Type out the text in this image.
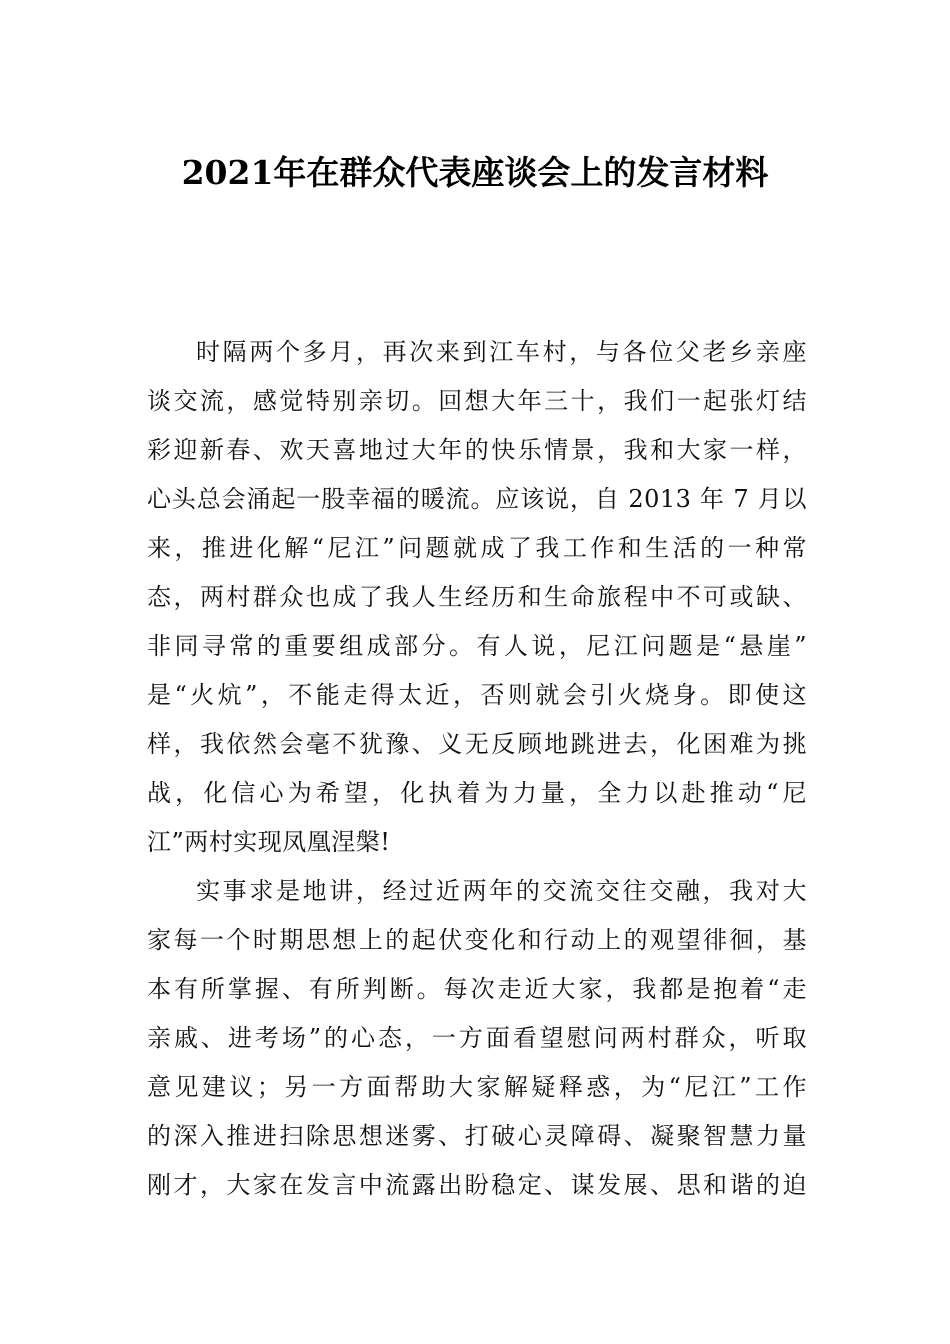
2021年在群众代表座谈会上的发言材料
时隔两个多月，再次来到江车村，与各位父老乡亲座
谈交流，感觉特别亲切。回想大年三十，我们一起张灯结
彩迎新春、欢天喜地过大年的快乐情景，我和大家一样，
心头总会涌起一股幸福的暖流。应该说，自 2013 年 7 月以
来，推进化解“尼江”问题就成了我工作和生活的一种常
态，两村群众也成了我人生经历和生命旅程中不可或缺、
非同寻常的重要组成部分。有人说，尼江问题是“悬崖”
是“火炕”，不能走得太近，否则就会引火烧身。即使这
样，我依然会毫不犹豫、义无反顾地跳进去，化困难为挑
战，化信心为希望，化执着为力量，全力以赴推动“尼
江”两村实现凤凰涅槃!
实事求是地讲，经过近两年的交流交往交融，我对大
家每一个时期思想上的起伏变化和行动上的观望徘徊，基
本有所掌握、有所判断。每次走近大家，我都是抱着“走
亲戚、进考场”的心态，一方面看望慰问两村群众，听取
意见建议；另一方面帮助大家解疑释惑，为“尼江”工作
的深入推进扫除思想迷雾、打破心灵障碍、凝聚智慧力量
刚才，大家在发言中流露出盼稳定、谋发展、思和谐的迫
